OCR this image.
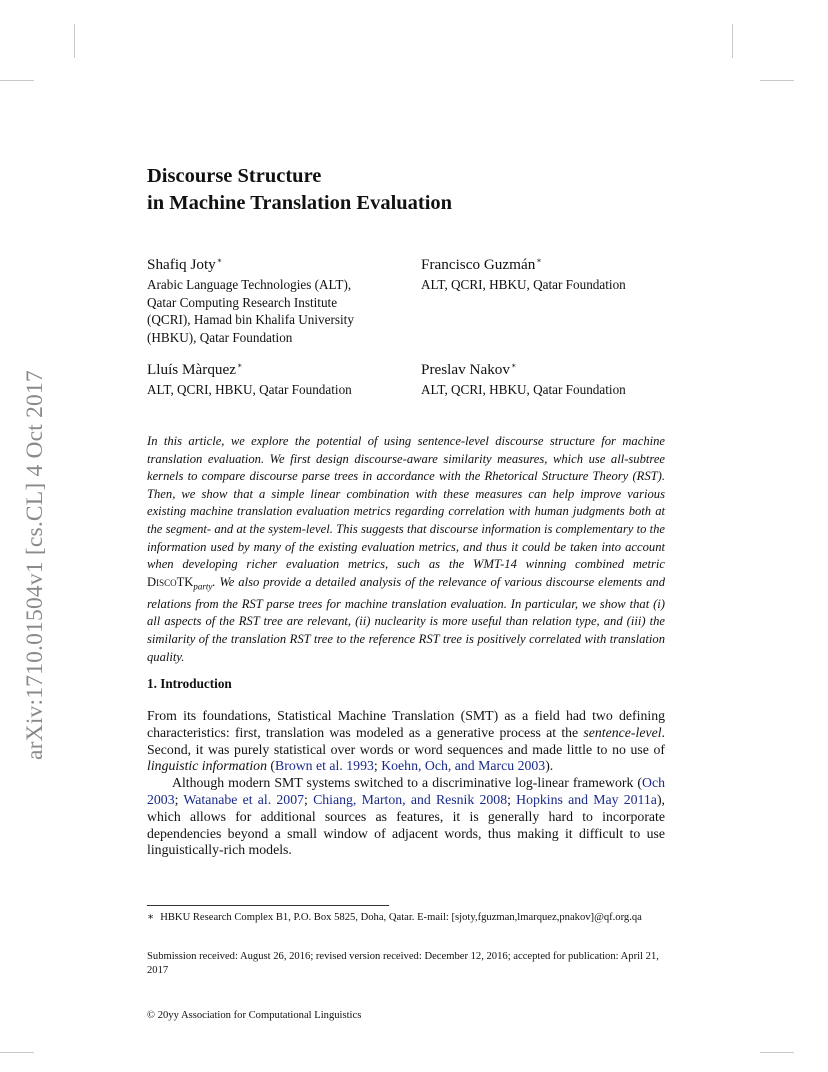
arXiv:1710.01504v1 [cs.CL] 4 Oct 2017
Discourse Structure
in Machine Translation Evaluation
Shafiq Joty∗
Arabic Language Technologies (ALT),
Qatar Computing Research Institute
(QCRI), Hamad bin Khalifa University
(HBKU), Qatar Foundation
Francisco Guzmán∗
ALT, QCRI, HBKU, Qatar Foundation
Lluís Màrquez∗
ALT, QCRI, HBKU, Qatar Foundation
Preslav Nakov∗
ALT, QCRI, HBKU, Qatar Foundation
In this article, we explore the potential of using sentence-level discourse structure for machine translation evaluation. We first design discourse-aware similarity measures, which use all-subtree kernels to compare discourse parse trees in accordance with the Rhetorical Structure Theory (RST). Then, we show that a simple linear combination with these measures can help improve various existing machine translation evaluation metrics regarding correlation with human judgments both at the segment- and at the system-level. This suggests that discourse information is complementary to the information used by many of the existing evaluation metrics, and thus it could be taken into account when developing richer evaluation metrics, such as the WMT-14 winning combined metric DiscoTK$_{party}$. We also provide a detailed analysis of the relevance of various discourse elements and relations from the RST parse trees for machine translation evaluation. In particular, we show that (i) all aspects of the RST tree are relevant, (ii) nuclearity is more useful than relation type, and (iii) the similarity of the translation RST tree to the reference RST tree is positively correlated with translation quality.
1. Introduction

From its foundations, Statistical Machine Translation (SMT) as a field had two defining characteristics: first, translation was modeled as a generative process at the sentence-level. Second, it was purely statistical over words or word sequences and made little to no use of linguistic information (Brown et al. 1993; Koehn, Och, and Marcu 2003).

Although modern SMT systems switched to a discriminative log-linear framework (Och 2003; Watanabe et al. 2007; Chiang, Marton, and Resnik 2008; Hopkins and May 2011a), which allows for additional sources as features, it is generally hard to incorporate dependencies beyond a small window of adjacent words, thus making it difficult to use linguistically-rich models.

∗ HBKU Research Complex B1, P.O. Box 5825, Doha, Qatar. E-mail: [sjoty,fguzman,lmarquez,pnakov]@qf.org.qa
Submission received: August 26, 2016; revised version received: December 12, 2016; accepted for publication: April 21, 2017
© 20yy Association for Computational Linguistics
